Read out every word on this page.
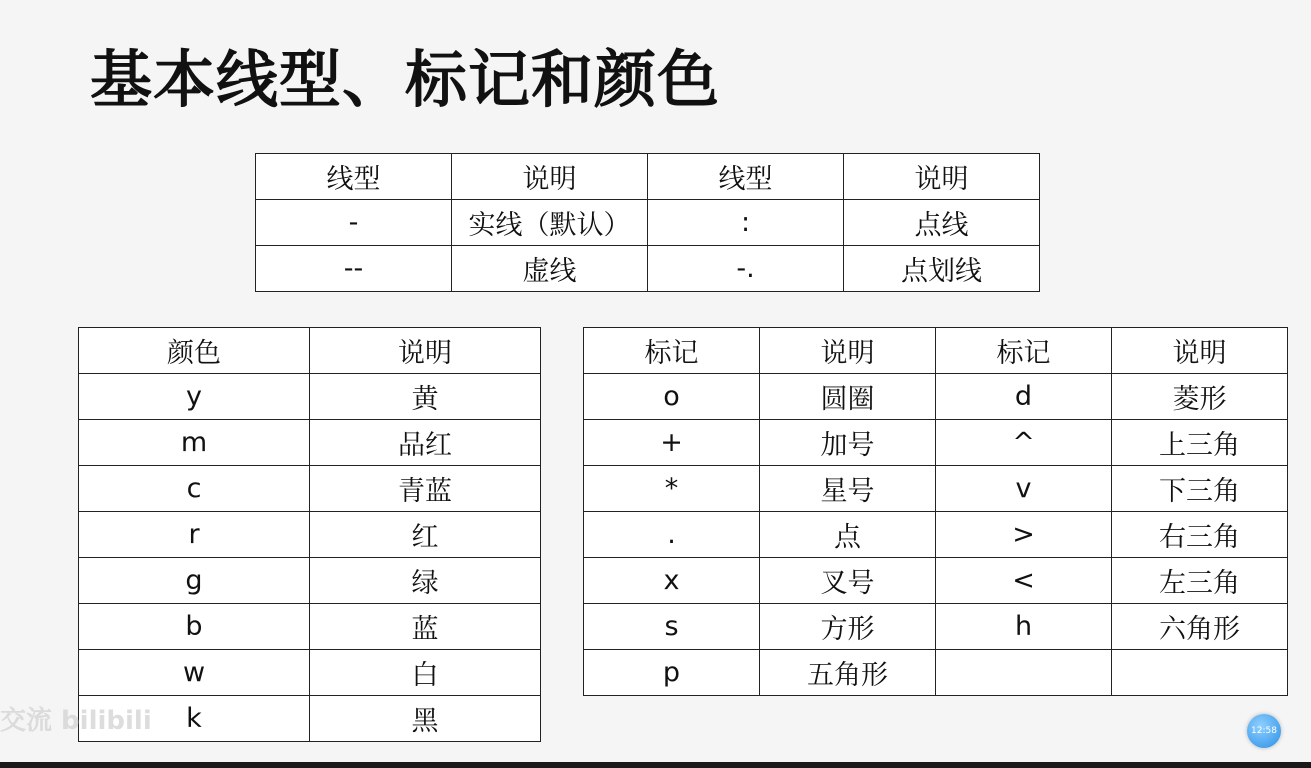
基本线型、标记和颜色
线型	说明	线型	说明
-	实线（默认）	:	点线
--	虚线	-.	点划线
颜色	说明
y	黄
m	品红
c	青蓝
r	红
g	绿
b	蓝
w	白
k	黑
标记	说明	标记	说明
o	圆圈	d	菱形
+	加号	^	上三角
*	星号	v	下三角
.	点	>	右三角
x	叉号	<	左三角
s	方形	h	六角形
p	五角形		
交流 bilibili	12:58
